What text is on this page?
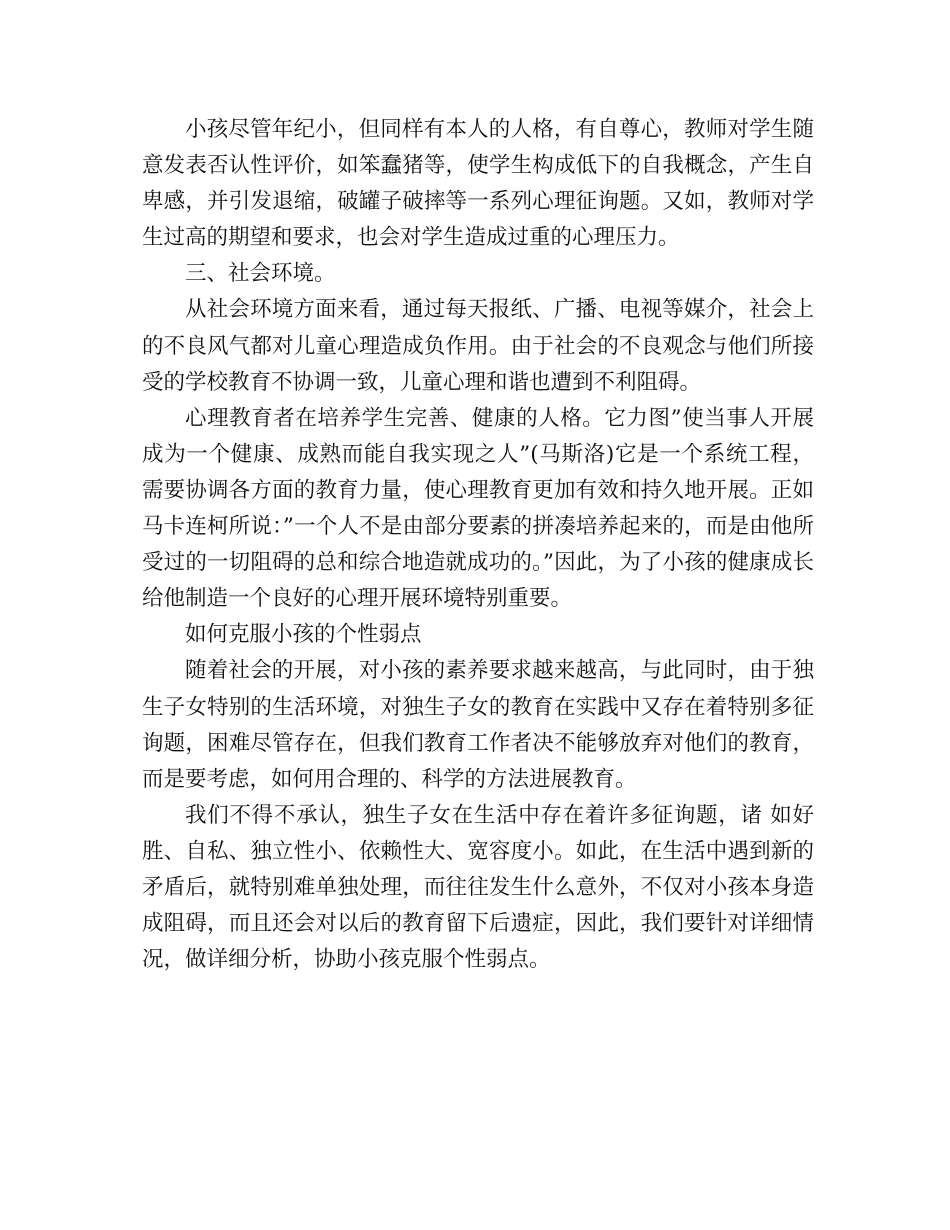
小孩尽管年纪小，但同样有本人的人格，有自尊心，教师对学生随意发表否认性评价，如笨蠢猪等，使学生构成低下的自我概念，产生自卑感，并引发退缩，破罐子破摔等一系列心理征询题。又如，教师对学生过高的期望和要求，也会对学生造成过重的心理压力。

三、社会环境。

从社会环境方面来看，通过每天报纸、广播、电视等媒介，社会上的不良风气都对儿童心理造成负作用。由于社会的不良观念与他们所接受的学校教育不协调一致，儿童心理和谐也遭到不利阻碍。

心理教育者在培养学生完善、健康的人格。它力图”使当事人开展成为一个健康、成熟而能自我实现之人”(马斯洛)它是一个系统工程，需要协调各方面的教育力量，使心理教育更加有效和持久地开展。正如马卡连柯所说：”一个人不是由部分要素的拼凑培养起来的，而是由他所受过的一切阻碍的总和综合地造就成功的。”因此，为了小孩的健康成长给他制造一个良好的心理开展环境特别重要。

如何克服小孩的个性弱点

随着社会的开展，对小孩的素养要求越来越高，与此同时，由于独生子女特别的生活环境，对独生子女的教育在实践中又存在着特别多征询题，困难尽管存在，但我们教育工作者决不能够放弃对他们的教育，而是要考虑，如何用合理的、科学的方法进展教育。

我们不得不承认，独生子女在生活中存在着许多征询题，诸 如好胜、自私、独立性小、依赖性大、宽容度小。如此，在生活中遇到新的矛盾后，就特别难单独处理，而往往发生什么意外，不仅对小孩本身造成阻碍，而且还会对以后的教育留下后遗症，因此，我们要针对详细情况，做详细分析，协助小孩克服个性弱点。
